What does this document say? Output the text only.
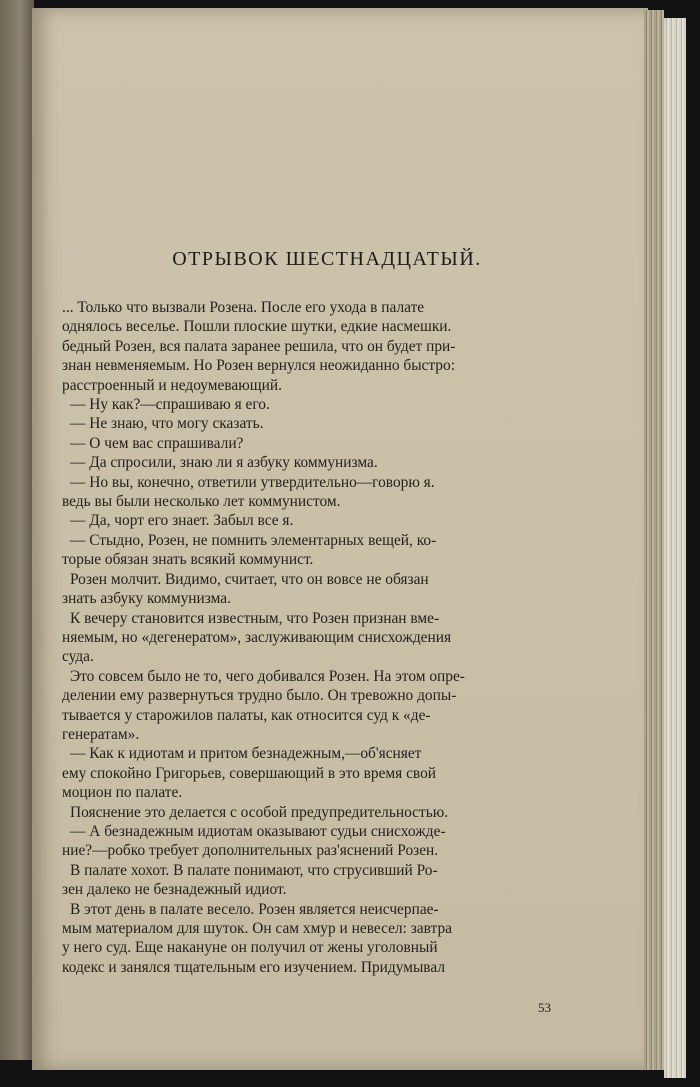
ОТРЫВОК ШЕСТНАДЦАТЫЙ.

... Только что вызвали Розена. После его ухода в палате
однялось веселье. Пошли плоские шутки, едкие насмешки.
бедный Розен, вся палата заранее решила, что он будет при-
знан невменяемым. Но Розен вернулся неожиданно быстро:
расстроенный и недоумевающий.

— Ну как?—спрашиваю я его.

— Не знаю, что могу сказать.

— О чем вас спрашивали?

— Да спросили, знаю ли я азбуку коммунизма.

— Но вы, конечно, ответили утвердительно—говорю я.
ведь вы были несколько лет коммунистом.

— Да, чорт его знает. Забыл все я.

— Стыдно, Розен, не помнить элементарных вещей, ко-
торые обязан знать всякий коммунист.

Розен молчит. Видимо, считает, что он вовсе не обязан
знать азбуку коммунизма.

К вечеру становится известным, что Розен признан вме-
няемым, но «дегенератом», заслуживающим снисхождения
суда.

Это совсем было не то, чего добивался Розен. На этом опре-
делении ему развернуться трудно было. Он тревожно допы-
тывается у старожилов палаты, как относится суд к «де-
генератам».

— Как к идиотам и притом безнадежным,—об'ясняет
ему спокойно Григорьев, совершающий в это время свой
моцион по палате.

Пояснение это делается с особой предупредительностью.

— А безнадежным идиотам оказывают судьи снисхожде-
ние?—робко требует дополнительных раз'яснений Розен.

В палате хохот. В палате понимают, что струсивший Ро-
зен далеко не безнадежный идиот.

В этот день в палате весело. Розен является неисчерпае-
мым материалом для шуток. Он сам хмур и невесел: завтра
у него суд. Еще накануне он получил от жены уголовный
кодекс и занялся тщательным его изучением. Придумывал

53
